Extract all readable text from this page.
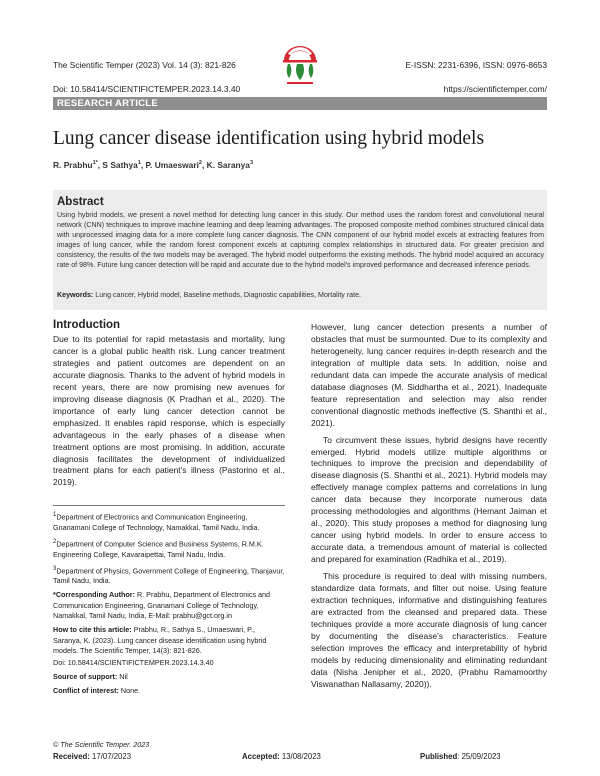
The Scientific Temper (2023) Vol. 14 (3): 821-826
Doi: 10.58414/SCIENTIFICTEMPER.2023.14.3.40
E-ISSN: 2231-6396, ISSN: 0976-8653
https://scientifictemper.com/
RESEARCH ARTICLE
Lung cancer disease identification using hybrid models
R. Prabhu$^{1*}$, S Sathya$^1$, P. Umaeswari$^2$, K. Saranya$^3$
Abstract
Using hybrid models, we present a novel method for detecting lung cancer in this study. Our method uses the random forest and convolutional neural network (CNN) techniques to improve machine learning and deep learning advantages. The proposed composite method combines structured clinical data with unprocessed imaging data for a more complete lung cancer diagnosis. The CNN component of our hybrid model excels at extracting features from images of lung cancer, while the random forest component excels at capturing complex relationships in structured data. For greater precision and consistency, the results of the two models may be averaged. The hybrid model outperforms the existing methods. The hybrid model acquired an accuracy rate of 98%. Future lung cancer detection will be rapid and accurate due to the hybrid model's improved performance and decreased inference periods.
Keywords: Lung cancer, Hybrid model, Baseline methods, Diagnostic capabilities, Mortality rate.
Introduction

Due to its potential for rapid metastasis and mortality, lung cancer is a global public health risk. Lung cancer treatment strategies and patient outcomes are dependent on an accurate diagnosis. Thanks to the advent of hybrid models in recent years, there are now promising new avenues for improving disease diagnosis (K Pradhan et al., 2020). The importance of early lung cancer detection cannot be emphasized. It enables rapid response, which is especially advantageous in the early phases of a disease when treatment options are most promising. In addition, accurate diagnosis facilitates the development of individualized treatment plans for each patient's illness (Pastorino et al., 2019).

$^1$Department of Electronics and Communication Engineering, Gnanamani College of Technology, Namakkal, Tamil Nadu, India.

$^2$Department of Computer Science and Business Systems, R.M.K. Engineering College, Kavaraipettai, Tamil Nadu, India.

$^3$Department of Physics, Government College of Engineering, Thanjavur, Tamil Nadu, India.

*Corresponding Author: R. Prabhu, Department of Electronics and Communication Engineering, Gnanamani College of Technology, Namakkal, Tamil Nadu, India, E-Mail: prabhu@gct.org.in

How to cite this article: Prabhu, R., Sathya S., Umaeswari, P., Saranya, K. (2023). Lung cancer disease identification using hybrid models. The Scientific Temper, 14(3): 821-826.

Doi: 10.58414/SCIENTIFICTEMPER.2023.14.3.40

Source of support: Nil

Conflict of interest: None.

However, lung cancer detection presents a number of obstacles that must be surmounted. Due to its complexity and heterogeneity, lung cancer requires in-depth research and the integration of multiple data sets. In addition, noise and redundant data can impede the accurate analysis of medical database diagnoses (M. Siddhartha et al., 2021). Inadequate feature representation and selection may also render conventional diagnostic methods ineffective (S. Shanthi et al., 2021).

To circumvent these issues, hybrid designs have recently emerged. Hybrid models utilize multiple algorithms or techniques to improve the precision and dependability of disease diagnosis (S. Shanthi et al., 2021). Hybrid models may effectively manage complex patterns and correlations in lung cancer data because they incorporate numerous data processing methodologies and algorithms (Hemant Jaiman et al., 2020). This study proposes a method for diagnosing lung cancer using hybrid models. In order to ensure access to accurate data, a tremendous amount of material is collected and prepared for examination (Radhika et al., 2019).

This procedure is required to deal with missing numbers, standardize data formats, and filter out noise. Using feature extraction techniques, informative and distinguishing features are extracted from the cleansed and prepared data. These techniques provide a more accurate diagnosis of lung cancer by documenting the disease's characteristics. Feature selection improves the efficacy and interpretability of hybrid models by reducing dimensionality and eliminating redundant data (Nisha Jenipher et al., 2020, (Prabhu Ramamoorthy Viswanathan Nallasamy, 2020)).

© The Scientific Temper. 2023
Received: 17/07/2023	Accepted: 13/08/2023	Published: 25/09/2023
